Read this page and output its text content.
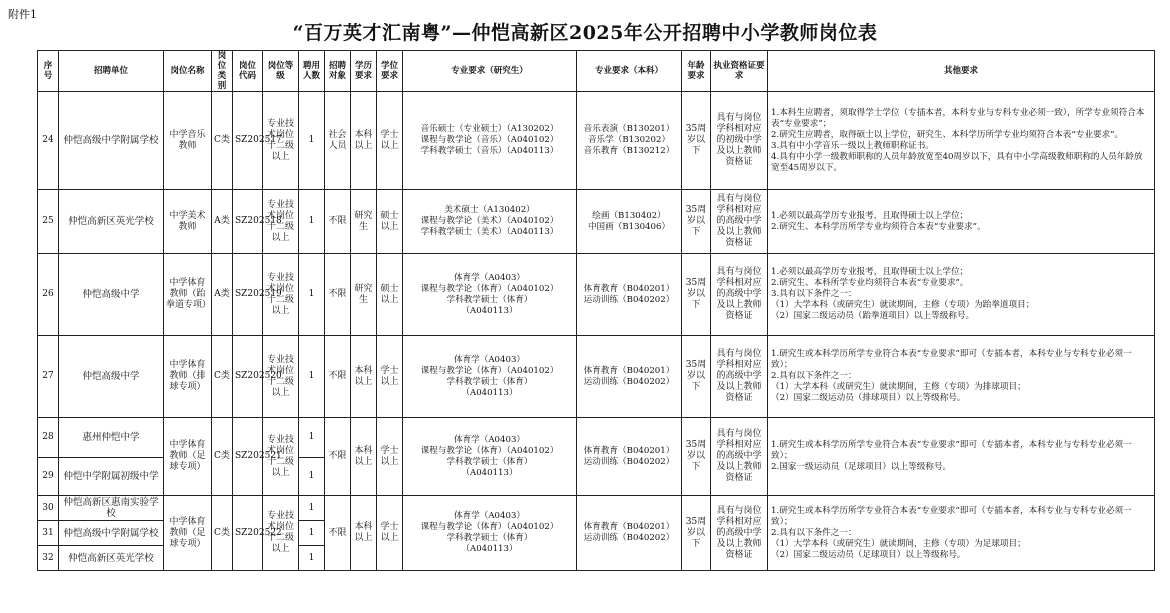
附件1
“百万英才汇南粤”—仲恺高新区2025年公开招聘中小学教师岗位表
序号	招聘单位	岗位名称	岗位类别	岗位代码	岗位等级	聘用人数	招聘对象	学历要求	学位要求	专业要求（研究生）	专业要求（本科）	年龄要求	执业资格证要求	其他要求
24	仲恺高级中学附属学校	中学音乐教师	C类	SZ202517	专业技术岗位十二级以上	1	社会人员	本科以上	学士以上	音乐硕士（专业硕士）（A130202）
课程与教学论（音乐）（A040102）
学科教学硕士（音乐）（A040113）	音乐表演（B130201）
音乐学（B130202）
音乐教育（B130212）	35周岁以下	具有与岗位学科相对应的初级中学及以上教师资格证	1.本科生应聘者，须取得学士学位（专插本者，本科专业与专科专业必须一致），所学专业须符合本表“专业要求”；
2.研究生应聘者，取得硕士以上学位，研究生、本科学历所学专业均须符合本表“专业要求”。
3.具有中小学音乐一级以上教师职称证书。
4.具有中小学一级教师职称的人员年龄放宽至40周岁以下，具有中小学高级教师职称的人员年龄放宽至45周岁以下。

25	仲恺高新区英光学校	中学美术教师	A类	SZ202518	专业技术岗位十二级以上	1	不限	研究生	硕士以上	美术硕士（A130402）
课程与教学论（美术）（A040102）
学科教学硕士（美术）（A040113）	绘画（B130402）
中国画（B130406）	35周岁以下	具有与岗位学科相对应的高级中学及以上教师资格证	1.必须以最高学历专业报考，且取得硕士以上学位；
2.研究生、本科学历所学专业均须符合本表“专业要求”。

26	仲恺高级中学	中学体育教师（跆拳道专项）	A类	SZ202519	专业技术岗位十二级以上	1	不限	研究生	硕士以上	体育学（A0403）
课程与教学论（体育）（A040102）
学科教学硕士（体育）
（A040113）	体育教育（B040201）
运动训练（B040202）	35周岁以下	具有与岗位学科相对应的高级中学及以上教师资格证	1.必须以最高学历专业报考，且取得硕士以上学位；
2.研究生、本科所学专业均须符合本表“专业要求”。
3.具有以下条件之一：
（1）大学本科（或研究生）就读期间，主修（专项）为跆拳道项目；
（2）国家二级运动员（跆拳道项目）以上等级称号。

27	仲恺高级中学	中学体育教师（排球专项）	C类	SZ202520	专业技术岗位十二级以上	1	不限	本科以上	学士以上	体育学（A0403）
课程与教学论（体育）（A040102）
学科教学硕士（体育）
（A040113）	体育教育（B040201）
运动训练（B040202）	35周岁以下	具有与岗位学科相对应的高级中学及以上教师资格证	1.研究生或本科学历所学专业符合本表“专业要求”即可（专插本者，本科专业与专科专业必须一致）；
2.具有以下条件之一：
（1）大学本科（或研究生）就读期间，主修（专项）为排球项目；
（2）国家二级运动员（排球项目）以上等级称号。

28	惠州仲恺中学	中学体育教师（足球专项）	C类	SZ202521	专业技术岗位十二级以上	1	不限	本科以上	学士以上	体育学（A0403）
课程与教学论（体育）（A040102）
学科教学硕士（体育）
（A040113）	体育教育（B040201）
运动训练（B040202）	35周岁以下	具有与岗位学科相对应的高级中学及以上教师资格证	1.研究生或本科学历所学专业符合本表“专业要求”即可（专插本者，本科专业与专科专业必须一致）；
2.国家一级运动员（足球项目）以上等级称号。

29	仲恺中学附属初级中学					1								
30	仲恺高新区惠南实验学校	中学体育教师（足球专项）	C类	SZ202522	专业技术岗位十二级以上	1	不限	本科以上	学士以上	体育学（A0403）
课程与教学论（体育）（A040102）
学科教学硕士（体育）
（A040113）	体育教育（B040201）
运动训练（B040202）	35周岁以下	具有与岗位学科相对应的高级中学及以上教师资格证	1.研究生或本科学历所学专业符合本表“专业要求”即可（专插本者，本科专业与专科专业必须一致）；
2.具有以下条件之一：
（1）大学本科（或研究生）就读期间，主修（专项）为足球项目；
（2）国家二级运动员（足球项目）以上等级称号。

31	仲恺高级中学附属学校					1								
32	仲恺高新区英光学校					1								
